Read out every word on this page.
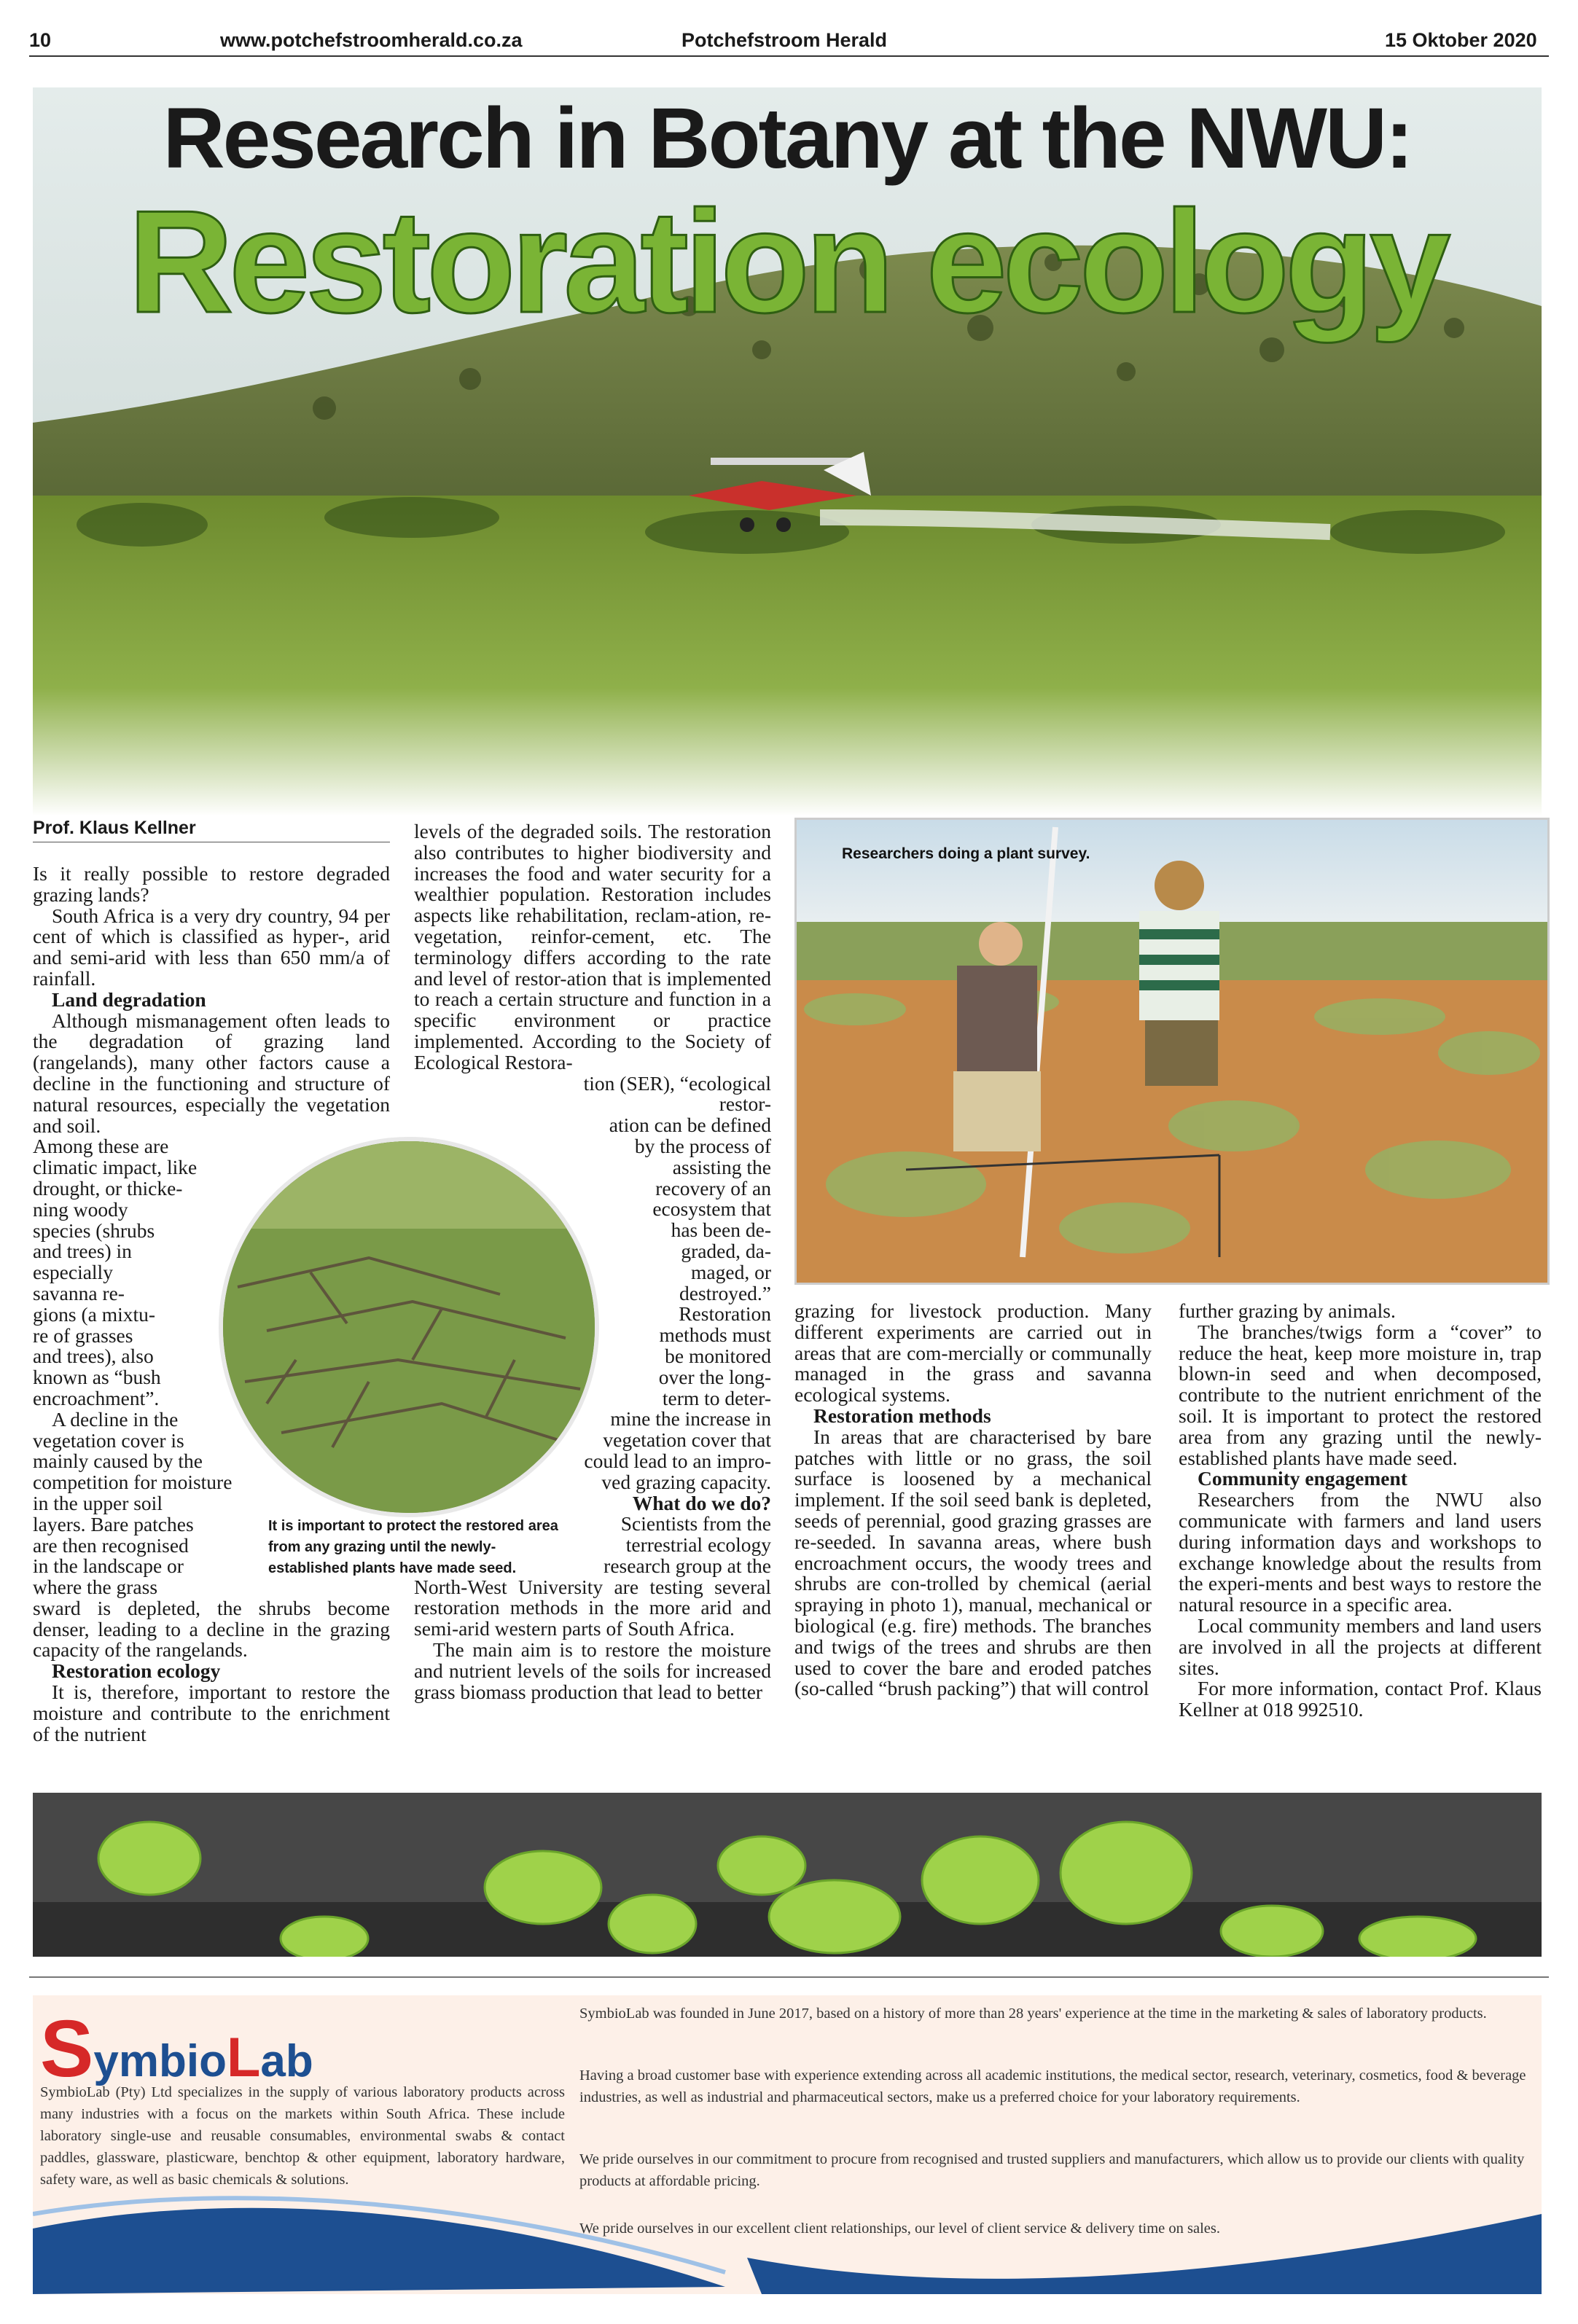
10	www.potchefstroomherald.co.za	Potchefstroom Herald	15 Oktober 2020
Research in Botany at the NWU:
Restoration ecology
Prof. Klaus Kellner

Is it really possible to restore degraded grazing lands?

South Africa is a very dry country, 94 per cent of which is classified as hyper-, arid and semi-arid with less than 650 mm/a of rainfall.

Land degradation

Although mismanagement often leads to the degradation of grazing land (rangelands), many other factors cause a decline in the functioning and structure of natural resources, especially the vegetation and soil.

Among these are
climatic impact, like
drought, or thicke-
ning woody
species (shrubs
and trees) in
especially
savanna re-
gions (a mixtu-
re of grasses
and trees), also
known as “bush
encroachment”.
A decline in the
vegetation cover is
mainly caused by the
competition for moisture
in the upper soil
layers. Bare patches
are then recognised
in the landscape or
where the grass

sward is depleted, the shrubs become denser, leading to a decline in the grazing capacity of the rangelands.

Restoration ecology

It is, therefore, important to restore the moisture and contribute to the enrichment of the nutrient

levels of the degraded soils. The restoration also contributes to higher biodiversity and increases the food and water security for a wealthier population. Restoration includes aspects like rehabilitation, reclam-ation, re-vegetation, reinfor-cement, etc. The terminology differs according to the rate and level of restor-ation that is implemented to reach a certain structure and function in a specific environment or practice implemented. According to the Society of Ecological Restora-

tion (SER), “ecological
restor-
ation can be defined
by the process of
assisting the
recovery of an
ecosystem that
has been de-
graded, da-
maged, or
destroyed.”
Restoration
methods must
be monitored
over the long-
term to deter-
mine the increase in
vegetation cover that
could lead to an impro-
ved grazing capacity.
What do we do?
Scientists from the
terrestrial ecology
research group at the

North-West University are testing several restoration methods in the more arid and semi-arid western parts of South Africa.

The main aim is to restore the moisture and nutrient levels of the soils for increased grass biomass production that lead to better

It is important to protect the restored area from any grazing until the newly-established plants have made seed.
Researchers doing a plant survey.

grazing for livestock production. Many different experiments are carried out in areas that are com-mercially or communally managed in the grass and savanna ecological systems.

Restoration methods

In areas that are characterised by bare patches with little or no grass, the soil surface is loosened by a mechanical implement. If the soil seed bank is depleted, seeds of perennial, good grazing grasses are re-seeded. In savanna areas, where bush encroachment occurs, the woody trees and shrubs are con-trolled by chemical (aerial spraying in photo 1), manual, mechanical or biological (e.g. fire) methods. The branches and twigs of the trees and shrubs are then used to cover the bare and eroded patches (so-called “brush packing”) that will control

further grazing by animals.

The branches/twigs form a “cover” to reduce the heat, keep more moisture in, trap blown-in seed and when decomposed, contribute to the nutrient enrichment of the soil. It is important to protect the restored area from any grazing until the newly-established plants have made seed.

Community engagement

Researchers from the NWU also communicate with farmers and land users during information days and workshops to exchange knowledge about the results from the experi-ments and best ways to restore the natural resource in a specific area.

Local community members and land users are involved in all the projects at different sites.

For more information, contact Prof. Klaus Kellner at 018 992510.

SymbioLab
SymbioLab (Pty) Ltd specializes in the supply of various laboratory products across many industries with a focus on the markets within South Africa. These include laboratory single-use and reusable consumables, environmental swabs & contact paddles, glassware, plasticware, benchtop & other equipment, laboratory hardware, safety ware, as well as basic chemicals & solutions.
SymbioLab was founded in June 2017, based on a history of more than 28 years' experience at the time in the marketing & sales of laboratory products.
Having a broad customer base with experience extending across all academic institutions, the medical sector, research, veterinary, cosmetics, food & beverage industries, as well as industrial and pharmaceutical sectors, make us a preferred choice for your laboratory requirements.
We pride ourselves in our commitment to procure from recognised and trusted suppliers and manufacturers, which allow us to provide our clients with quality products at affordable pricing.
We pride ourselves in our excellent client relationships, our level of client service & delivery time on sales.
